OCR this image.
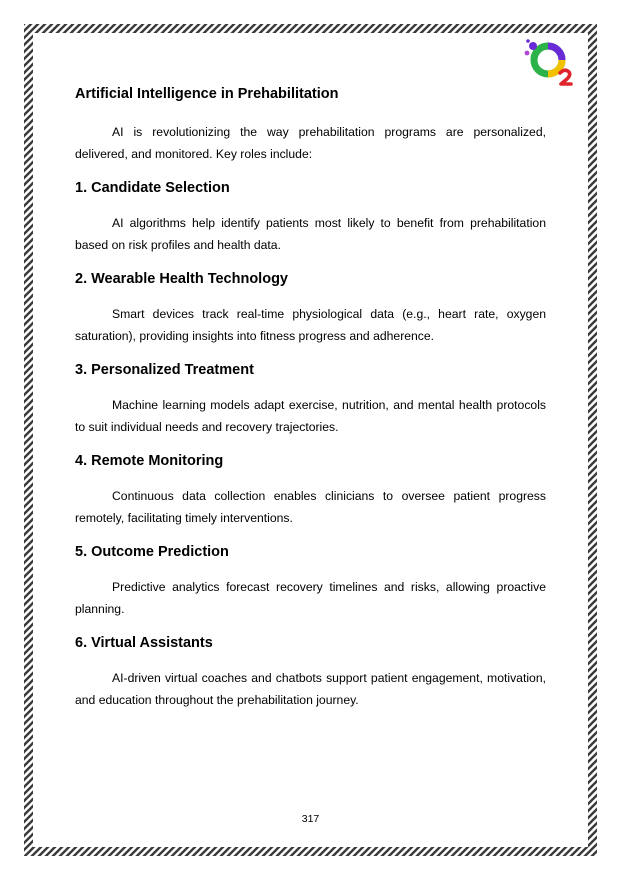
Artificial Intelligence in Prehabilitation

AI is revolutionizing the way prehabilitation programs are personalized, delivered, and monitored. Key roles include:

1. Candidate Selection

AI algorithms help identify patients most likely to benefit from prehabilitation based on risk profiles and health data.

2. Wearable Health Technology

Smart devices track real-time physiological data (e.g., heart rate, oxygen saturation), providing insights into fitness progress and adherence.

3. Personalized Treatment

Machine learning models adapt exercise, nutrition, and mental health protocols to suit individual needs and recovery trajectories.

4. Remote Monitoring

Continuous data collection enables clinicians to oversee patient progress remotely, facilitating timely interventions.

5. Outcome Prediction

Predictive analytics forecast recovery timelines and risks, allowing proactive planning.

6. Virtual Assistants

AI-driven virtual coaches and chatbots support patient engagement, motivation, and education throughout the prehabilitation journey.

317
